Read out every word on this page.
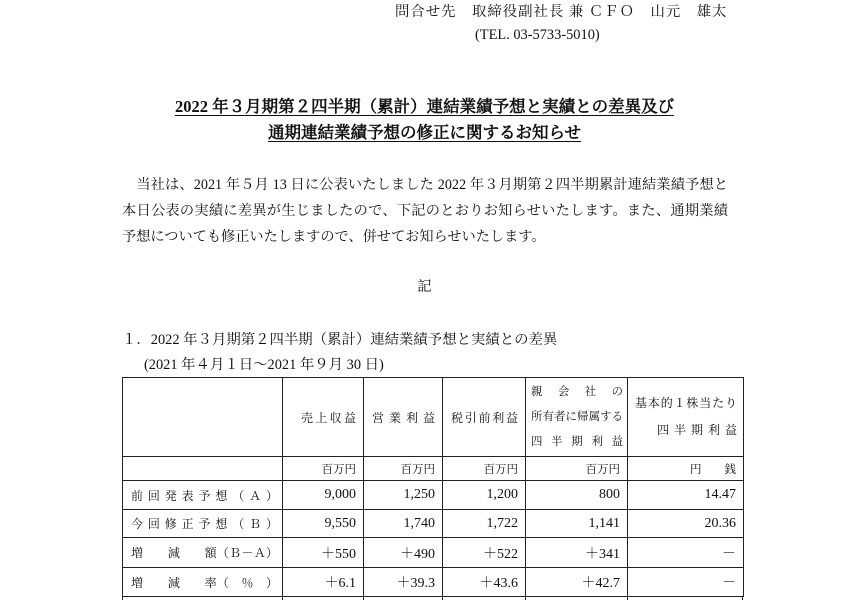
問合せ先　取締役副社長 兼 ＣＦＯ　山元　雄太
(TEL. 03-5733-5010)
2022 年３月期第２四半期（累計）連結業績予想と実績との差異及び
通期連結業績予想の修正に関するお知らせ
　当社は、2021 年５月 13 日に公表いたしました 2022 年３月期第２四半期累計連結業績予想と
本日公表の実績に差異が生じましたので、下記のとおりお知らせいたします。また、通期業績
予想についても修正いたしますので、併せてお知らせいたします。
記
１．2022 年３月期第２四半期（累計）連結業績予想と実績との差異
(2021 年４月１日～2021 年９月 30 日)
	売上収益	営業利益	税引前利益	親会社の
所有者に帰属する
四半期利益	基本的１株当たり
四半期利益

	百万円	百万円	百万円	百万円	円　　銭

前回発表予想（Ａ）	9,000	1,250	1,200	800	14.47

今回修正予想（Ｂ）	9,550	1,740	1,722	1,141	20.36

増　　減　　額（Ｂ－Ａ）	＋550	＋490	＋522	＋341	－

増　　減　　率（　％　）	＋6.1	＋39.3	＋43.6	＋42.7	－
